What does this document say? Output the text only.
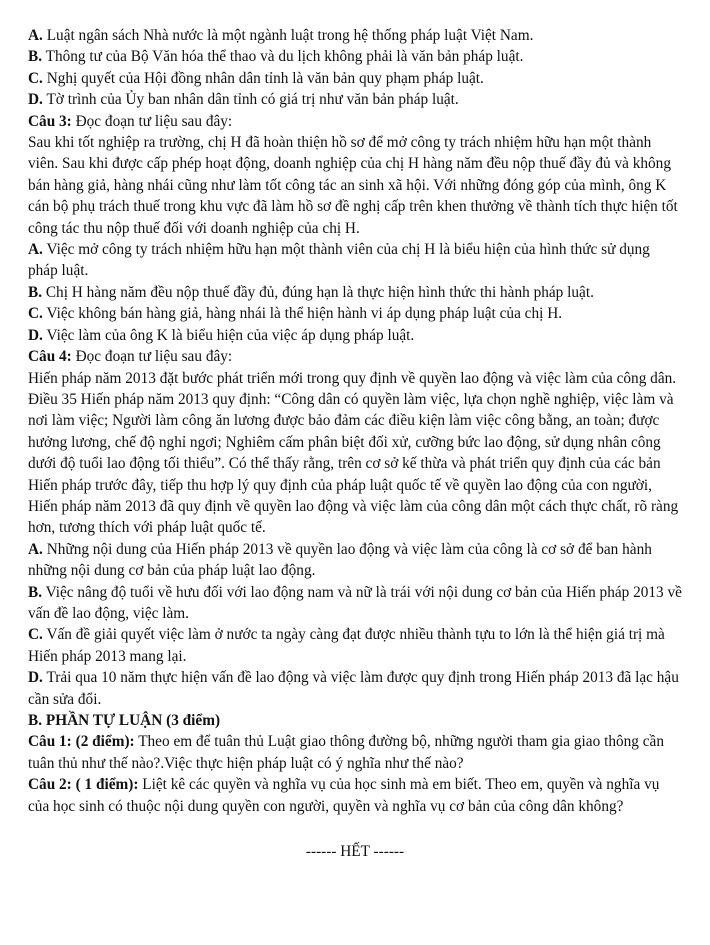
A. Luật ngân sách Nhà nước là một ngành luật trong hệ thống pháp luật Việt Nam.

B. Thông tư của Bộ Văn hóa thể thao và du lịch không phải là văn bản pháp luật.

C. Nghị quyết của Hội đồng nhân dân tỉnh là văn bản quy phạm pháp luật.

D. Tờ trình của Ủy ban nhân dân tỉnh có giá trị như văn bản pháp luật.

Câu 3: Đọc đoạn tư liệu sau đây:

Sau khi tốt nghiệp ra trường, chị H đã hoàn thiện hồ sơ để mở công ty trách nhiệm hữu hạn một thành viên. Sau khi được cấp phép hoạt động, doanh nghiệp của chị H hàng năm đều nộp thuế đầy đủ và không bán hàng giả, hàng nhái cũng như làm tốt công tác an sinh xã hội. Với những đóng góp của mình, ông K cán bộ phụ trách thuế trong khu vực đã làm hồ sơ đề nghị cấp trên khen thưởng về thành tích thực hiện tốt công tác thu nộp thuế đối với doanh nghiệp của chị H.

A. Việc mở công ty trách nhiệm hữu hạn một thành viên của chị H là biểu hiện của hình thức sử dụng pháp luật.

B. Chị H hàng năm đều nộp thuế đầy đủ, đúng hạn là thực hiện hình thức thi hành pháp luật.

C. Việc không bán hàng giả, hàng nhái là thể hiện hành vi áp dụng pháp luật của chị H.

D. Việc làm của ông K là biểu hiện của việc áp dụng pháp luật.

Câu 4: Đọc đoạn tư liệu sau đây:

Hiến pháp năm 2013 đặt bước phát triển mới trong quy định về quyền lao động và việc làm của công dân. Điều 35 Hiến pháp năm 2013 quy định: “Công dân có quyền làm việc, lựa chọn nghề nghiệp, việc làm và nơi làm việc; Người làm công ăn lương được bảo đảm các điều kiện làm việc công bằng, an toàn; được hưởng lương, chế độ nghỉ ngơi; Nghiêm cấm phân biệt đối xử, cưỡng bức lao động, sử dụng nhân công dưới độ tuổi lao động tối thiểu”. Có thể thấy rằng, trên cơ sở kế thừa và phát triển quy định của các bản Hiến pháp trước đây, tiếp thu hợp lý quy định của pháp luật quốc tế về quyền lao động của con người, Hiến pháp năm 2013 đã quy định về quyền lao động và việc làm của công dân một cách thực chất, rõ ràng hơn, tương thích với pháp luật quốc tế.

A. Những nội dung của Hiến pháp 2013 về quyền lao động và việc làm của công là cơ sở để ban hành những nội dung cơ bản của pháp luật lao động.

B. Việc nâng độ tuổi về hưu đối với lao động nam và nữ là trái với nội dung cơ bản của Hiến pháp 2013 về vấn đề lao động, việc làm.

C. Vấn đề giải quyết việc làm ở nước ta ngày càng đạt được nhiều thành tựu to lớn là thể hiện giá trị mà Hiến pháp 2013 mang lại.

D. Trải qua 10 năm thực hiện vấn đề lao động và việc làm được quy định trong Hiến pháp 2013 đã lạc hậu cần sửa đổi.

B. PHẦN TỰ LUẬN (3 điểm)

Câu 1: (2 điểm): Theo em để tuân thủ Luật giao thông đường bộ, những người tham gia giao thông cần tuân thủ như thế nào?.Việc thực hiện pháp luật có ý nghĩa như thế nào?

Câu 2: ( 1 điểm): Liệt kê các quyền và nghĩa vụ của học sinh mà em biết. Theo em, quyền và nghĩa vụ của học sinh có thuộc nội dung quyền con người, quyền và nghĩa vụ cơ bản của công dân không?

------ HẾT ------
